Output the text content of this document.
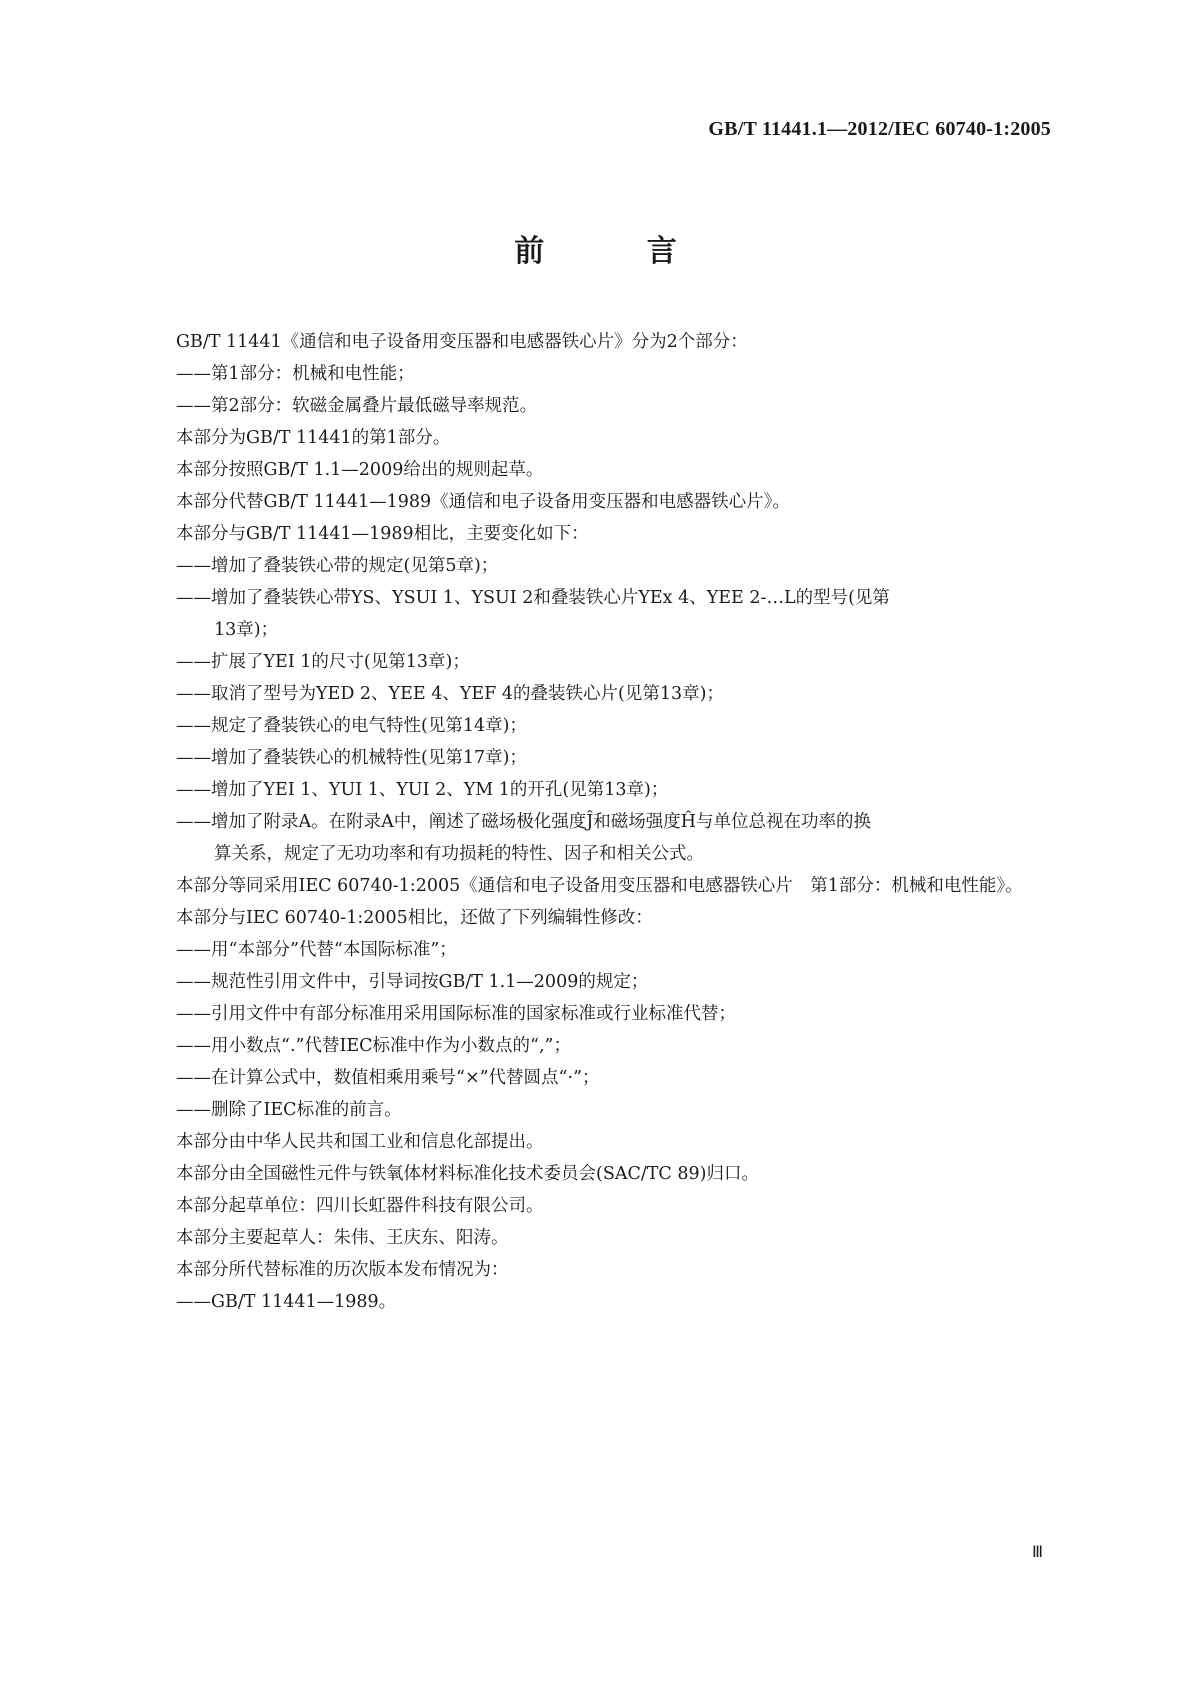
GB/T 11441.1—2012/IEC 60740-1:2005
前 言
GB/T 11441《通信和电子设备用变压器和电感器铁心片》分为2个部分：
——第1部分：机械和电性能；
——第2部分：软磁金属叠片最低磁导率规范。
本部分为GB/T 11441的第1部分。
本部分按照GB/T 1.1—2009给出的规则起草。
本部分代替GB/T 11441—1989《通信和电子设备用变压器和电感器铁心片》。
本部分与GB/T 11441—1989相比，主要变化如下：
——增加了叠装铁心带的规定(见第5章)；
——增加了叠装铁心带YS、YSUI 1、YSUI 2和叠装铁心片YEx 4、YEE 2-…L的型号(见第
13章)；
——扩展了YEI 1的尺寸(见第13章)；
——取消了型号为YED 2、YEE 4、YEF 4的叠装铁心片(见第13章)；
——规定了叠装铁心的电气特性(见第14章)；
——增加了叠装铁心的机械特性(见第17章)；
——增加了YEI 1、YUI 1、YUI 2、YM 1的开孔(见第13章)；
——增加了附录A。在附录A中，阐述了磁场极化强度Ĵ和磁场强度Ĥ与单位总视在功率的换
算关系，规定了无功功率和有功损耗的特性、因子和相关公式。
本部分等同采用IEC 60740-1:2005《通信和电子设备用变压器和电感器铁心片　第1部分：机械和电性能》。
本部分与IEC 60740-1:2005相比，还做了下列编辑性修改：
——用“本部分”代替“本国际标准”；
——规范性引用文件中，引导词按GB/T 1.1—2009的规定；
——引用文件中有部分标准用采用国际标准的国家标准或行业标准代替；
——用小数点“.”代替IEC标准中作为小数点的“,”；
——在计算公式中，数值相乘用乘号“×”代替圆点“·”；
——删除了IEC标准的前言。
本部分由中华人民共和国工业和信息化部提出。
本部分由全国磁性元件与铁氧体材料标准化技术委员会(SAC/TC 89)归口。
本部分起草单位：四川长虹器件科技有限公司。
本部分主要起草人：朱伟、王庆东、阳涛。
本部分所代替标准的历次版本发布情况为：
——GB/T 11441—1989。
Ⅲ
